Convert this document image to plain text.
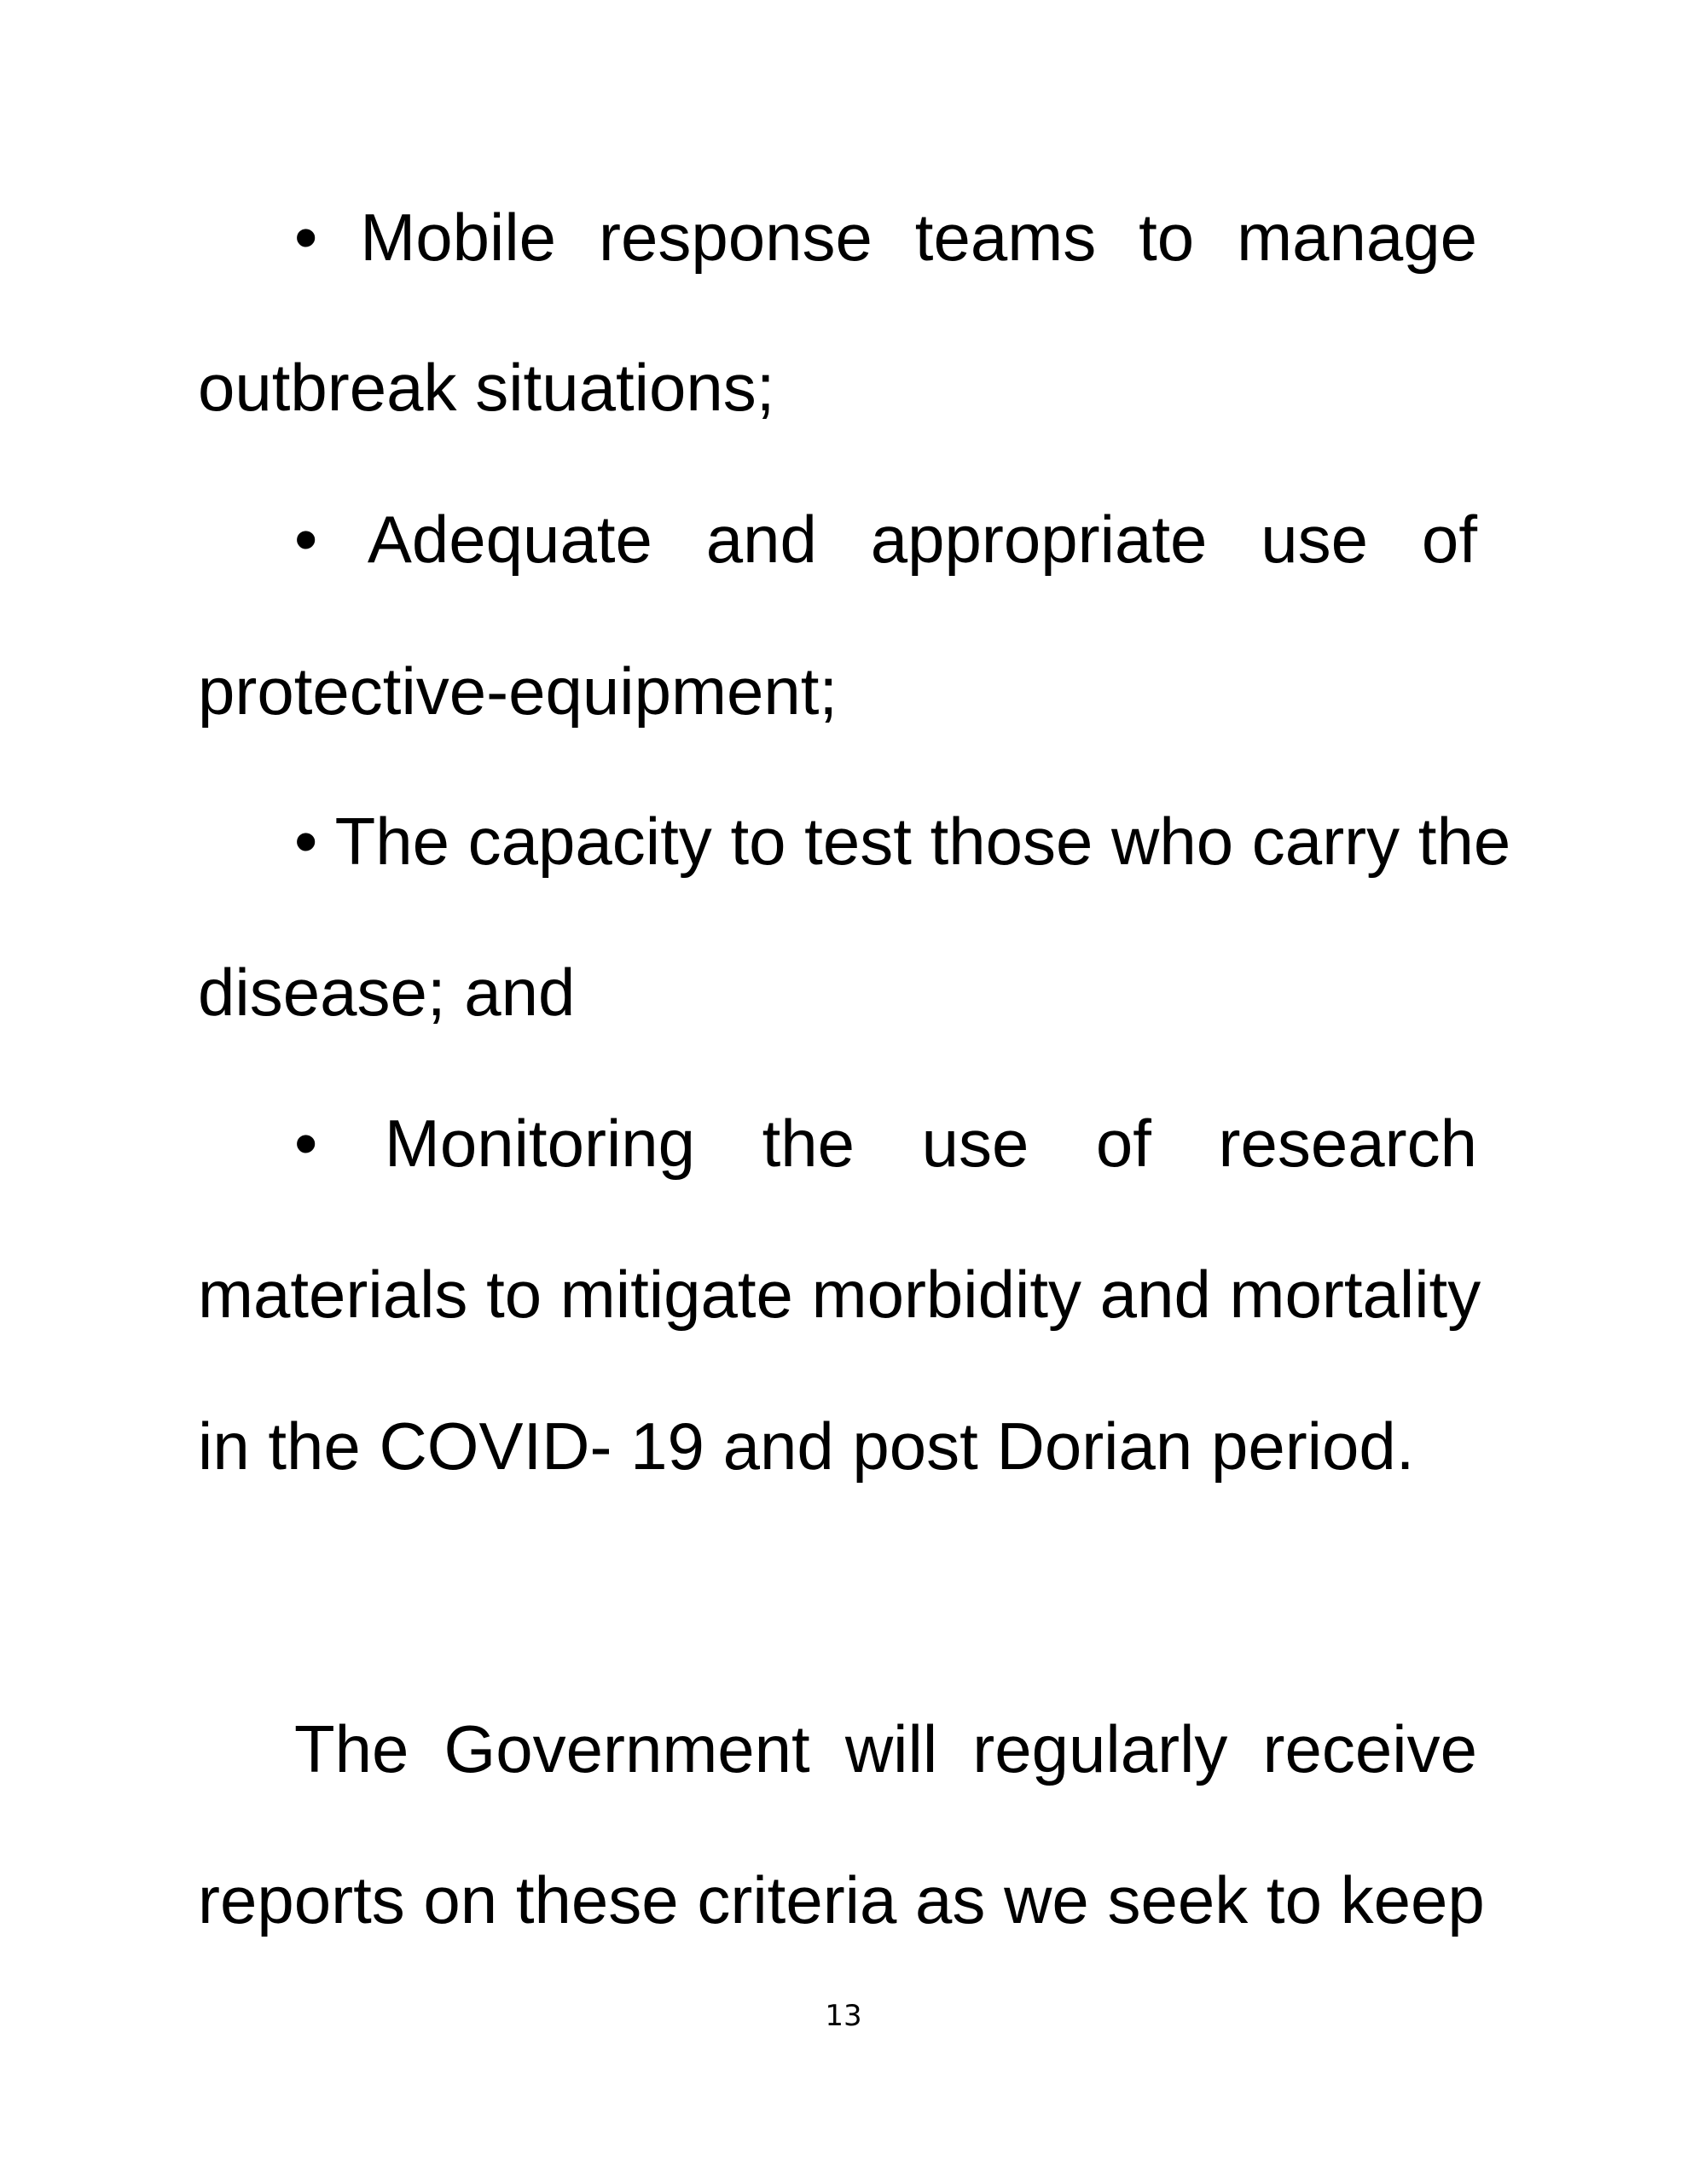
• Mobile response teams to manage
outbreak situations;
• Adequate and appropriate use of
protective-equipment;
• The capacity to test those who carry the
disease; and
• Monitoring the use of research
materials to mitigate morbidity and mortality
in the COVID- 19 and post Dorian period.
The Government will regularly receive
reports on these criteria as we seek to keep
13
